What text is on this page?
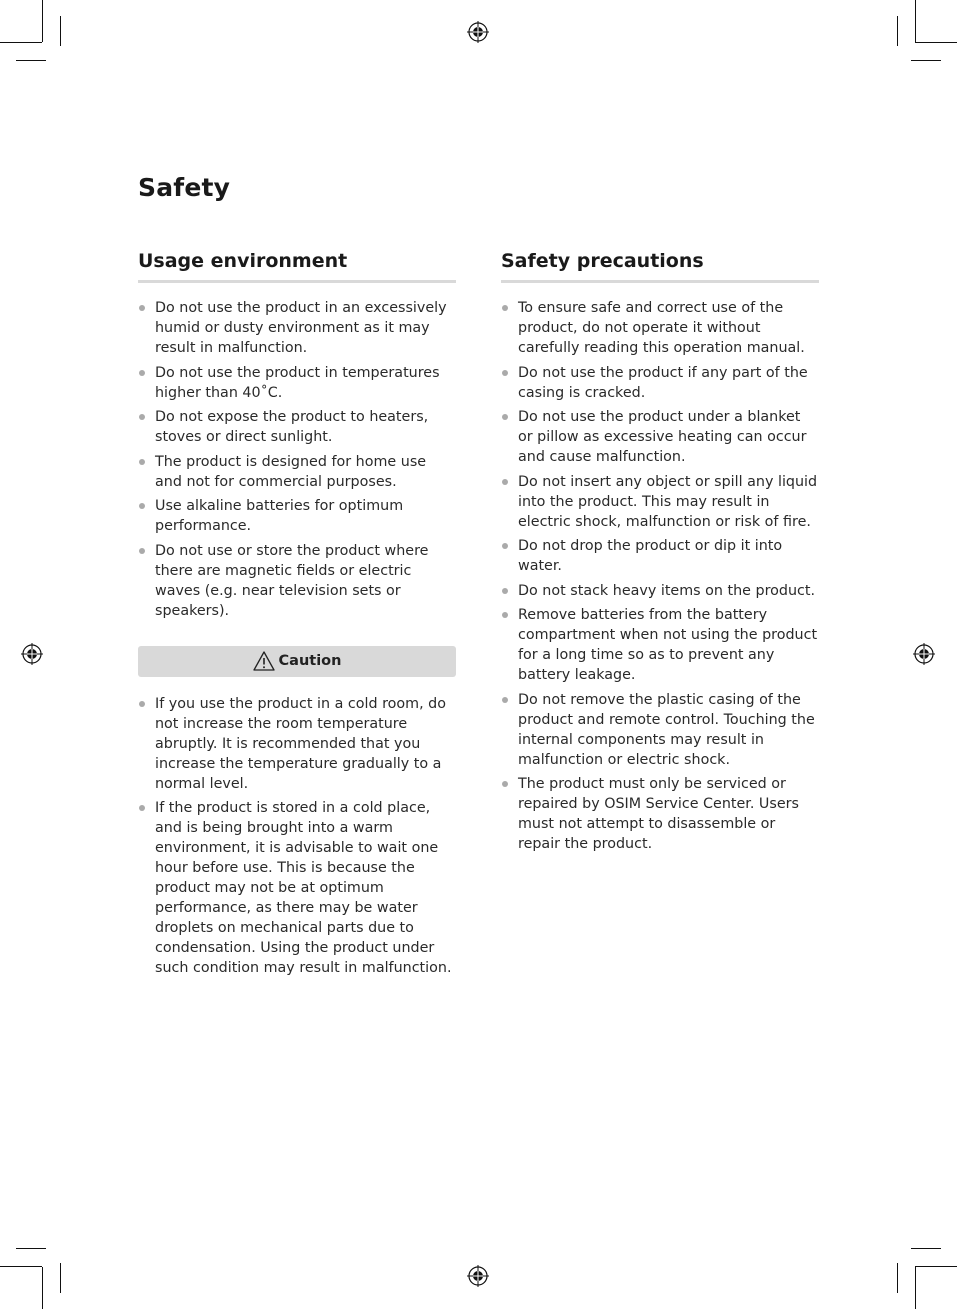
Safety
Usage environment
Do not use the product in an excessively humid or dusty environment as it may result in malfunction.
Do not use the product in temperatures higher than 40˚C.
Do not expose the product to heaters, stoves or direct sunlight.
The product is designed for home use and not for commercial purposes.
Use alkaline batteries for optimum performance.
Do not use or store the product where there are magnetic fields or electric waves (e.g. near television sets or speakers).
Caution
If you use the product in a cold room, do not increase the room temperature abruptly. It is recommended that you increase the temperature gradually to a normal level.
If the product is stored in a cold place, and is being brought into a warm environment, it is advisable to wait one hour before use. This is because the product may not be at optimum performance, as there may be water droplets on mechanical parts due to condensation. Using the product under such condition may result in malfunction.
Safety precautions
To ensure safe and correct use of the product, do not operate it without carefully reading this operation manual.
Do not use the product if any part of the casing is cracked.
Do not use the product under a blanket or pillow as excessive heating can occur and cause malfunction.
Do not insert any object or spill any liquid into the product. This may result in electric shock, malfunction or risk of fire.
Do not drop the product or dip it into water.
Do not stack heavy items on the product.
Remove batteries from the battery compartment when not using the product for a long time so as to prevent any battery leakage.
Do not remove the plastic casing of the product and remote control. Touching the internal components may result in malfunction or electric shock.
The product must only be serviced or repaired by OSIM Service Center. Users must not attempt to disassemble or repair the product.
